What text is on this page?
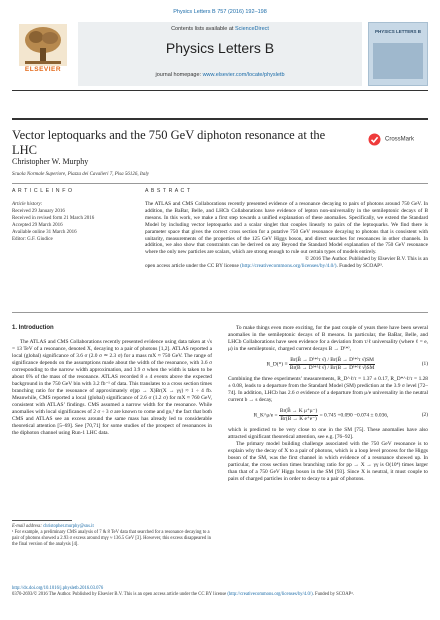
Physics Letters B 757 (2016) 192–198
ELSEVIER
Contents lists available at ScienceDirect
Physics Letters B
journal homepage: www.elsevier.com/locate/physletb
PHYSICS LETTERS B
Vector leptoquarks and the 750 GeV diphoton resonance at the LHC
CrossMark
Christopher W. Murphy
Scuola Normale Superiore, Piazza dei Cavalieri 7, Pisa 56126, Italy
A R T I C L E I N F O
Article history:
Received 29 January 2016
Received in revised form 21 March 2016
Accepted 29 March 2016
Available online 31 March 2016
Editor: G.F. Giudice
A B S T R A C T
The ATLAS and CMS Collaborations recently presented evidence of a resonance decaying to pairs of photons around 750 GeV. In addition, the BaBar, Belle, and LHCb Collaborations have evidence of lepton non-universality in the semileptonic decays of B mesons. In this work, we make a first step towards a unified explanation of these anomalies. Specifically, we extend the Standard Model by including vector leptoquarks and a scalar singlet that couples linearly to pairs of the leptoquarks. We find there is parameter space that gives the correct cross section for a putative 750 GeV resonance decaying to photons that is consistent with unitarity, measurements of the properties of the 125 GeV Higgs boson, and direct searches for resonances in other channels. In addition, we also show that constraints can be derived on any Beyond the Standard Model explanation of the 750 GeV resonance where the only new particles are scalars, which are strong enough to rule out certain types of models entirely.
© 2016 The Author. Published by Elsevier B.V. This is an open access article under the CC BY license (http://creativecommons.org/licenses/by/4.0/). Funded by SCOAP³.
1. Introduction

The ATLAS and CMS Collaborations recently presented evidence using data taken at √s = 13 TeV of a resonance, denoted X, decaying to a pair of photons [1,2]. ATLAS reported a local (global) significance of 3.6 σ (2.0 σ ≃ 2.3 σ) for a mass mX ≈ 750 GeV. The range of significance depends on the assumptions made about the width of the resonance, with 3.6 σ corresponding to the narrow width approximation, and 3.9 σ when the width is taken to be about 6% of the mass of the resonance. ATLAS recorded 8 ± 4 events above the expected background in the 750 GeV bin with 3.2 fb⁻¹ of data. This translates to a cross section times branching ratio for the resonance of approximately σ(pp → X)Br(X → γγ) ≈ 1 ÷ 4 fb. Meanwhile, CMS reported a local (global) significance of 2.6 σ (1.2 σ) for mX ≈ 760 GeV, consistent with ATLAS’ findings. CMS assumed a narrow width for the resonance. While anomalies with local significances of 2 σ ÷ 3 σ are known to come and go,¹ the fact that both CMS and ATLAS see an excess around the same mass has already led to considerable theoretical attention [5–69]. See [70,71] for some studies of the prospect of resonances in the diphoton channel using Run-1 LHC data.

To make things even more exciting, for the past couple of years there have been several anomalies in the semileptonic decays of B mesons. In particular, the BaBar, Belle, and LHCb Collaborations have seen evidence for a deviation from τ/ℓ universality (where ℓ = e, μ) in the semileptonic, charged current decays B → D⁽*⁾,

R_D(*) ≡ $\frac{\text{Br(B̄ → D⁽*⁾τ ν̄) / Br(B̄ → D⁽*⁾τ ν̄)SM}}{\text{Br(B̄ → D⁽*⁾ℓ ν̄) / Br(B̄ → D⁽*⁾ℓ ν̄)SM}}$	(1)

Combining the three experiments’ measurements, R_D^ℓ/τ = 1.37 ± 0.17, R_D*^ℓ/τ = 1.28 ± 0.08, leads to a departure from the Standard Model (SM) prediction at the 3.9 σ level [72–74]. In addition, LHCb has 2.6 σ evidence of a departure from μ/e universality in the neutral current b → s decay,

R_K^μ/e = $\frac{\text{Br(B̄ → K μ⁺μ⁻)}}{\text{Br(B̄ → K e⁺e⁻)}} = 0.745 +0.090 -0.074 \pm 0.036$,	(2)

which is predicted to be very close to one in the SM [75]. These anomalies have also attracted significant theoretical attention, see e.g. [76–92].

The primary model building challenge associated with the 750 GeV resonance is to explain why the decay of X to a pair of photons, which is a loop level process for the Higgs boson of the SM, was the first channel in which evidence of a resonance showed up. In particular, the cross section times branching ratio for pp → X → γγ is O(10⁴) times larger than that of a 750 GeV Higgs boson in the SM [93]. Since X is neutral, it must couple to pairs of charged particles in order to decay to a pair of photons.

E-mail address: christopher.murphy@sns.it
¹ For example, a preliminary CMS analysis of 7 & 8 TeV data that searched for a resonance decaying to a pair of photons showed a 2.93 σ excess around mγγ ≈ 136.5 GeV [3]. However, this excess disappeared in the final version of the analysis [4].
http://dx.doi.org/10.1016/j.physletb.2016.03.076
0370-2693/© 2016 The Author. Published by Elsevier B.V. This is an open access article under the CC BY license (http://creativecommons.org/licenses/by/4.0/). Funded by SCOAP³.
